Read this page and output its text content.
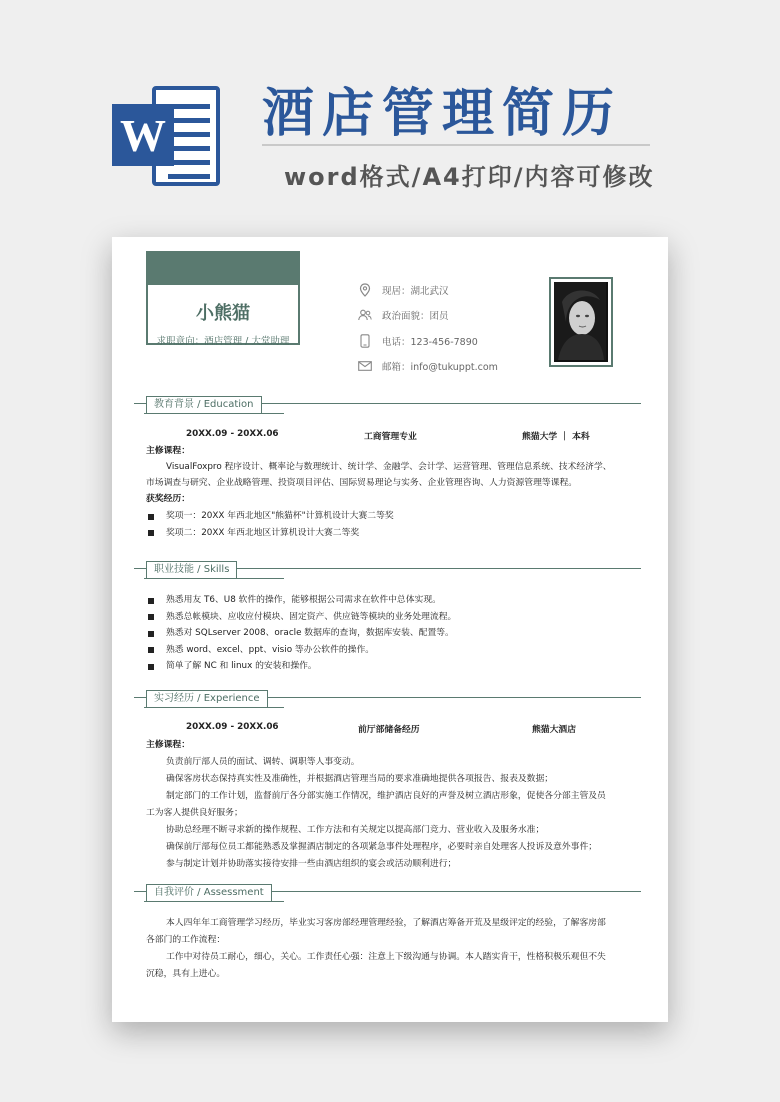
W 酒店管理简历
word格式/A4打印/内容可修改
小熊猫
求职意向：酒店管理 / 大堂助理
现居：湖北武汉
政治面貌：团员
电话：123-456-7890
邮箱：info@tukuppt.com
教育背景 / Education
20XX.09 - 20XX.06	工商管理专业	熊猫大学 ｜ 本科
主修课程：
VisualFoxpro 程序设计、概率论与数理统计、统计学、金融学、会计学、运营管理、管理信息系统、技术经济学、
市场调查与研究、企业战略管理、投资项目评估、国际贸易理论与实务、企业管理咨询、人力资源管理等课程。
获奖经历：
奖项一：20XX 年西北地区"熊猫杯"计算机设计大赛二等奖
奖项二：20XX 年西北地区计算机设计大赛二等奖
职业技能 / Skills
熟悉用友 T6、U8 软件的操作，能够根据公司需求在软件中总体实现。
熟悉总帐模块、应收应付模块、固定资产、供应链等模块的业务处理流程。
熟悉对 SQLserver 2008、oracle 数据库的查询，数据库安装、配置等。
熟悉 word、excel、ppt、visio 等办公软件的操作。
简单了解 NC 和 linux 的安装和操作。
实习经历 / Experience
20XX.09 - 20XX.06	前厅部储备经历	熊猫大酒店
主修课程：
负责前厅部人员的面试、调转、调职等人事变动。
确保客房状态保持真实性及准确性，并根据酒店管理当局的要求准确地提供各项报告、报表及数据；
制定部门的工作计划，监督前厅各分部实施工作情况，维护酒店良好的声誉及树立酒店形象，促使各分部主管及员
工为客人提供良好服务；
协助总经理不断寻求新的操作规程、工作方法和有关规定以提高部门竞力、营业收入及服务水准；
确保前厅部每位员工都能熟悉及掌握酒店制定的各项紧急事件处理程序，必要时亲自处理客人投诉及意外事件；
参与制定计划并协助落实接待安排一些由酒店组织的宴会或活动顺利进行；
自我评价 / Assessment
本人四年年工商管理学习经历，毕业实习客房部经理管理经验，了解酒店筹备开荒及星级评定的经验，了解客房部
各部门的工作流程：
工作中对待员工耐心，细心，关心。工作责任心强：注意上下级沟通与协调。本人踏实肯干，性格积极乐观但不失
沉稳，具有上进心。
